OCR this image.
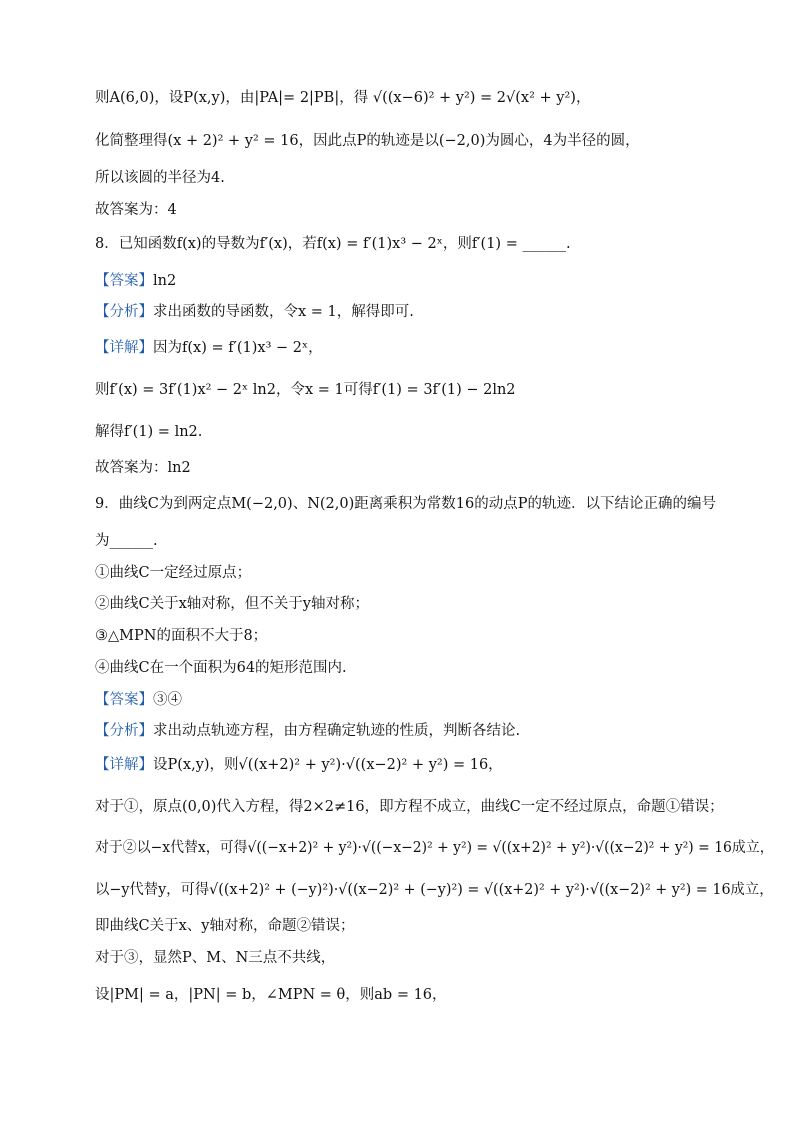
则A(6,0)，设P(x,y)，由|PA|= 2|PB|，得 √((x−6)² + y²) = 2√(x² + y²)，
化简整理得(x + 2)² + y² = 16，因此点P的轨迹是以(−2,0)为圆心，4为半径的圆，
所以该圆的半径为4.
故答案为：4
8．已知函数f(x)的导数为f′(x)，若f(x) = f′(1)x³ − 2ˣ，则f′(1) = ______.
【答案】ln2
【分析】求出函数的导函数，令x = 1，解得即可.
【详解】因为f(x) = f′(1)x³ − 2ˣ，
则f′(x) = 3f′(1)x² − 2ˣ ln2，令x = 1可得f′(1) = 3f′(1) − 2ln2
解得f′(1) = ln2.
故答案为：ln2
9．曲线C为到两定点M(−2,0)、N(2,0)距离乘积为常数16的动点P的轨迹．以下结论正确的编号
为______.
①曲线C一定经过原点；
②曲线C关于x轴对称，但不关于y轴对称；
③△MPN的面积不大于8；
④曲线C在一个面积为64的矩形范围内.
【答案】③④
【分析】求出动点轨迹方程，由方程确定轨迹的性质，判断各结论.
【详解】设P(x,y)，则√((x+2)² + y²)·√((x−2)² + y²) = 16，
对于①，原点(0,0)代入方程，得2×2≠16，即方程不成立，曲线C一定不经过原点，命题①错误；
对于②以−x代替x，可得√((−x+2)² + y²)·√((−x−2)² + y²) = √((x+2)² + y²)·√((x−2)² + y²) = 16成立，
以−y代替y，可得√((x+2)² + (−y)²)·√((x−2)² + (−y)²) = √((x+2)² + y²)·√((x−2)² + y²) = 16成立，
即曲线C关于x、y轴对称，命题②错误；
对于③，显然P、M、N三点不共线，
设|PM| = a，|PN| = b，∠MPN = θ，则ab = 16，
